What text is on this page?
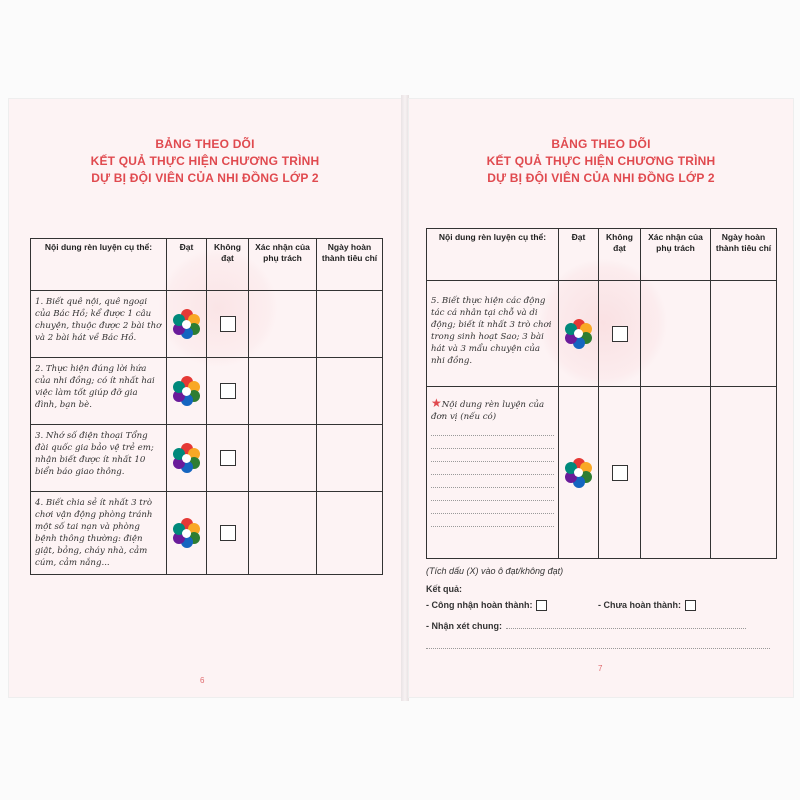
BẢNG THEO DÕI
KẾT QUẢ THỰC HIỆN CHƯƠNG TRÌNH
DỰ BỊ ĐỘI VIÊN CỦA NHI ĐỒNG LỚP 2
Nội dung rèn luyện cụ thể:	Đạt	Không đạt	Xác nhận của phụ trách	Ngày hoàn thành tiêu chí
1. Biết quê nội, quê ngoại của Bác Hồ; kể được 1 câu chuyện, thuộc được 2 bài thơ và 2 bài hát về Bác Hồ.	

2. Thực hiện đúng lời hứa của nhi đồng; có ít nhất hai việc làm tốt giúp đỡ gia đình, bạn bè.	

3. Nhớ số điện thoại Tổng đài quốc gia bảo vệ trẻ em; nhận biết được ít nhất 10 biển báo giao thông.	

4. Biết chia sẻ ít nhất 3 trò chơi vận động phòng tránh một số tai nạn và phòng bệnh thông thường: điện giật, bỏng, cháy nhà, cảm cúm, cảm nắng...	

6
BẢNG THEO DÕI
KẾT QUẢ THỰC HIỆN CHƯƠNG TRÌNH
DỰ BỊ ĐỘI VIÊN CỦA NHI ĐỒNG LỚP 2
Nội dung rèn luyện cụ thể:	Đạt	Không đạt	Xác nhận của phụ trách	Ngày hoàn thành tiêu chí
5. Biết thực hiện các động tác cá nhân tại chỗ và di động; biết ít nhất 3 trò chơi trong sinh hoạt Sao; 3 bài hát và 3 mẩu chuyện của nhi đồng.	

★Nội dung rèn luyện của đơn vị (nếu có)

(Tích dấu (X) vào ô đạt/không đạt)
Kết quả:
- Công nhận hoàn thành:	- Chưa hoàn thành:
- Nhận xét chung:
7
